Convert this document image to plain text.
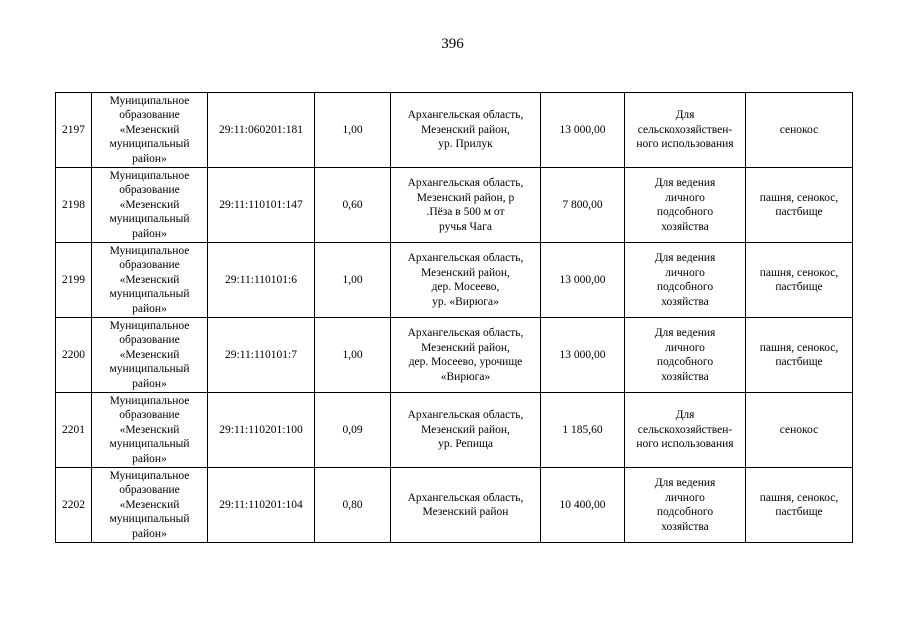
396
2197	Муниципальное
образование
«Мезенский
муниципальный
район»	29:11:060201:181	1,00	Архангельская область,
Мезенский район,
ур. Прилук	13 000,00	Для
сельскохозяйствен-
ного использования	сенокос
2198	Муниципальное
образование
«Мезенский
муниципальный
район»	29:11:110101:147	0,60	Архангельская область,
Мезенский район, р
.Пёза в 500 м от
ручья Чага	7 800,00	Для ведения
личного
подсобного
хозяйства	пашня, сенокос,
пастбище
2199	Муниципальное
образование
«Мезенский
муниципальный
район»	29:11:110101:6	1,00	Архангельская область,
Мезенский район,
дер. Мосеево,
ур. «Вирюга»	13 000,00	Для ведения
личного
подсобного
хозяйства	пашня, сенокос,
пастбище
2200	Муниципальное
образование
«Мезенский
муниципальный
район»	29:11:110101:7	1,00	Архангельская область,
Мезенский район,
дер. Мосеево, урочище
«Вирюга»	13 000,00	Для ведения
личного
подсобного
хозяйства	пашня, сенокос,
пастбище
2201	Муниципальное
образование
«Мезенский
муниципальный
район»	29:11:110201:100	0,09	Архангельская область,
Мезенский район,
ур. Репища	1 185,60	Для
сельскохозяйствен-
ного использования	сенокос
2202	Муниципальное
образование
«Мезенский
муниципальный
район»	29:11:110201:104	0,80	Архангельская область,
Мезенский район	10 400,00	Для ведения
личного
подсобного
хозяйства	пашня, сенокос,
пастбище
